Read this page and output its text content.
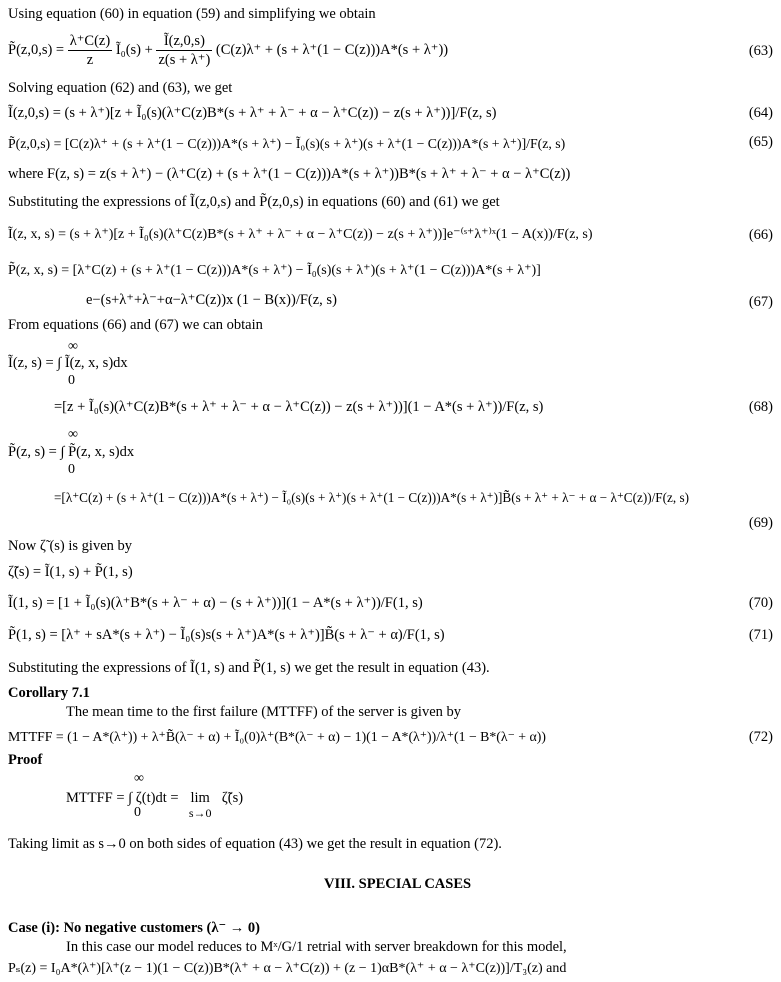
Using equation (60) in equation (59) and simplifying we obtain
P̃(z,0,s) = $\frac{\lambda^+C(z)}{z}$ Ĩ₀(s) + $\frac{Ĩ(z,0,s)}{z(s + \lambda^+)} (C(z)\lambda^+ + (s + \lambda^+(1 - C(z)))A*(s + \lambda^+))$	(63)
Solving equation (62) and (63), we get
Ĩ(z,0,s) = (s + λ⁺)[z + Ĩ₀(s)(λ⁺C(z)B*(s + λ⁺ + λ⁻ + α − λ⁺C(z)) − z(s + λ⁺))]/F(z, s)	(64)
P̃(z,0,s) = [C(z)λ⁺ + (s + λ⁺(1 − C(z)))A*(s + λ⁺) − Ĩ₀(s)(s + λ⁺)(s + λ⁺(1 − C(z)))A*(s + λ⁺)]/F(z, s)	(65)
where F(z, s) = z(s + λ⁺) − (λ⁺C(z) + (s + λ⁺(1 − C(z)))A*(s + λ⁺))B*(s + λ⁺ + λ⁻ + α − λ⁺C(z))
Substituting the expressions of Ĩ(z,0,s) and P̃(z,0,s) in equations (60) and (61) we get
Ĩ(z, x, s) = (s + λ⁺)[z + Ĩ₀(s)(λ⁺C(z)B*(s + λ⁺ + λ⁻ + α − λ⁺C(z)) − z(s + λ⁺))]e⁻⁽ˢ⁺λ⁺⁾ˣ(1 − A(x))/F(z, s)	(66)
P̃(z, x, s) = [λ⁺C(z) + (s + λ⁺(1 − C(z)))A*(s + λ⁺) − Ĩ₀(s)(s + λ⁺)(s + λ⁺(1 − C(z)))A*(s + λ⁺)]
e−(s+λ⁺+λ⁻+α−λ⁺C(z))x (1 − B(x))/F(z, s)	(67)
From equations (66) and (67) we can obtain
∞
Ĩ(z, s) = ∫ Ĩ(z, x, s)dx
0
=[z + Ĩ₀(s)(λ⁺C(z)B*(s + λ⁺ + λ⁻ + α − λ⁺C(z)) − z(s + λ⁺))](1 − A*(s + λ⁺))/F(z, s)	(68)
∞
P̃(z, s) = ∫ P̃(z, x, s)dx
0
=[λ⁺C(z) + (s + λ⁺(1 − C(z)))A*(s + λ⁺) − Ĩ₀(s)(s + λ⁺)(s + λ⁺(1 − C(z)))A*(s + λ⁺)]B̃̃(s + λ⁺ + λ⁻ + α − λ⁺C(z))/F(z, s)
(69)
Now ζ̃ (s) is given by
ζ̃(s) = Ĩ(1, s) + P̃(1, s)
Ĩ(1, s) = [1 + Ĩ₀(s)(λ⁺B*(s + λ⁻ + α) − (s + λ⁺))](1 − A*(s + λ⁺))/F(1, s)	(70)
P̃(1, s) = [λ⁺ + sA*(s + λ⁺) − Ĩ₀(s)s(s + λ⁺)A*(s + λ⁺)]B̃̃(s + λ⁻ + α)/F(1, s)	(71)
Substituting the expressions of Ĩ(1, s) and P̃(1, s) we get the result in equation (43).
Corollary 7.1
The mean time to the first failure (MTTFF) of the server is given by
MTTFF = (1 − A*(λ⁺)) + λ⁺B̃̃(λ⁻ + α) + Ĩ₀(0)λ⁺(B*(λ⁻ + α) − 1)(1 − A*(λ⁺))/λ⁺(1 − B*(λ⁻ + α))	(72)
Proof
∞
MTTFF = ∫ ζ(t)dt = lim
s→0
ζ̃(s)
0
Taking limit as s→0 on both sides of equation (43) we get the result in equation (72).
VIII. SPECIAL CASES
Case (i): No negative customers (λ⁻ → 0)
In this case our model reduces to Mˣ/G/1 retrial with server breakdown for this model,
Pₛ(z) = I₀A*(λ⁺)[λ⁺(z − 1)(1 − C(z))B*(λ⁺ + α − λ⁺C(z)) + (z − 1)αB*(λ⁺ + α − λ⁺C(z))]/T₃(z) and
